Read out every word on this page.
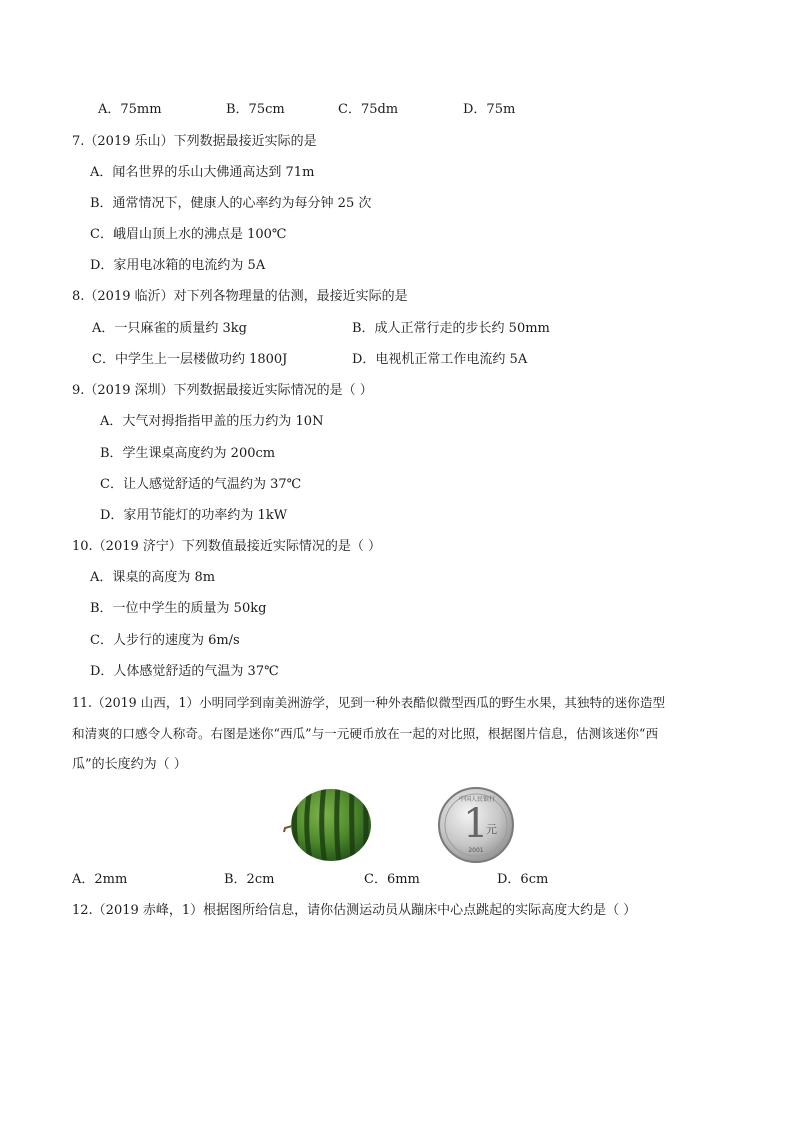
A．75mm	B．75cm	C．75dm	D．75m
7.（2019 乐山）下列数据最接近实际的是
A．闻名世界的乐山大佛通高达到 71m
B．通常情况下，健康人的心率约为每分钟 25 次
C．峨眉山顶上水的沸点是 100℃
D．家用电冰箱的电流约为 5A
8.（2019 临沂）对下列各物理量的估测，最接近实际的是
A．一只麻雀的质量约 3kg	B．成人正常行走的步长约 50mm
C．中学生上一层楼做功约 1800J	D．电视机正常工作电流约 5A
9.（2019 深圳）下列数据最接近实际情况的是（ ）
A．大气对拇指指甲盖的压力约为 10N
B．学生课桌高度约为 200cm
C．让人感觉舒适的气温约为 37℃
D．家用节能灯的功率约为 1kW
10.（2019 济宁）下列数值最接近实际情况的是（ ）
A．课桌的高度为 8m
B．一位中学生的质量为 50kg
C．人步行的速度为 6m/s
D．人体感觉舒适的气温为 37℃
11.（2019 山西，1）小明同学到南美洲游学，见到一种外表酷似微型西瓜的野生水果，其独特的迷你造型
和清爽的口感令人称奇。右图是迷你“西瓜”与一元硬币放在一起的对比照，根据图片信息，估测该迷你“西
瓜”的长度约为（ ）
中国人民银行
1
元
2001
A．2mm	B．2cm	C．6mm	D．6cm
12.（2019 赤峰，1）根据图所给信息，请你估测运动员从蹦床中心点跳起的实际高度大约是（ ）
